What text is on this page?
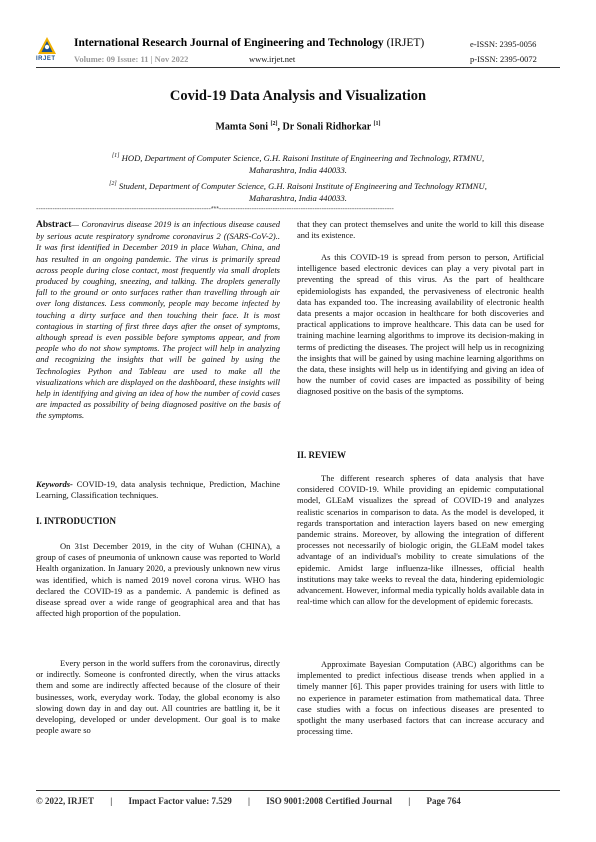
IRJET
International Research Journal of Engineering and Technology (IRJET)	e-ISSN: 2395-0056
Volume: 09 Issue: 11 | Nov 2022	www.irjet.net	p-ISSN: 2395-0072
Covid-19 Data Analysis and Visualization
Mamta Soni [2], Dr Sonali Ridhorkar [1]
[1] HOD, Department of Computer Science, G.H. Raisoni Institute of Engineering and Technology, RTMNU,
Maharashtra, India 440033.
[2] Student, Department of Computer Science, G.H. Raisoni Institute of Engineering and Technology RTMNU,
Maharashtra, India 440033.
---------------------------------------------------------------------------***---------------------------------------------------------------------------
Abstract— Coronavirus disease 2019 is an infectious disease caused by serious acute respiratory syndrome coronavirus 2 ((SARS-CoV-2).. It was first identified in December 2019 in place Wuhan, China, and has resulted in an ongoing pandemic. The virus is primarily spread across people during close contact, most frequently via small droplets produced by coughing, sneezing, and talking. The droplets generally fall to the ground or onto surfaces rather than travelling through air over long distances. Less commonly, people may become infected by touching a dirty surface and then touching their face. It is most contagious in starting of first three days after the onset of symptoms, although spread is even possible before symptoms appear, and from people who do not show symptoms. The project will help in analyzing and recognizing the insights that will be gained by using the Technologies Python and Tableau are used to make all the visualizations which are displayed on the dashboard, these insights will help in identifying and giving an idea of how the number of covid cases are impacted as possibility of being diagnosed positive on the basis of the symptoms.
Keywords- COVID-19, data analysis technique, Prediction, Machine Learning, Classification techniques.
I. INTRODUCTION

On 31st December 2019, in the city of Wuhan (CHINA), a group of cases of pneumonia of unknown cause was reported to World Health organization. In January 2020, a previously unknown new virus was identified, which is named 2019 novel corona virus. WHO has declared the COVID-19 as a pandemic. A pandemic is defined as disease spread over a wide range of geographical area and that has affected high proportion of the population.

Every person in the world suffers from the coronavirus, directly or indirectly. Someone is confronted directly, when the virus attacks them and some are indirectly affected because of the closure of their businesses, work, everyday work. Today, the global economy is also slowing down day in and day out. All countries are battling it, be it developing, developed or under development. Our goal is to make people aware so

that they can protect themselves and unite the world to kill this disease and its existence.

As this COVID-19 is spread from person to person, Artificial intelligence based electronic devices can play a very pivotal part in preventing the spread of this virus. As the part of healthcare epidemiologists has expanded, the pervasiveness of electronic health data has expanded too. The increasing availability of electronic health data presents a major occasion in healthcare for both discoveries and practical applications to improve healthcare. This data can be used for training machine learning algorithms to improve its decision-making in terms of predicting the diseases. The project will help us in recognizing the insights that will be gained by using machine learning algorithms on the data, these insights will help us in identifying and giving an idea of how the number of covid cases are impacted as possibility of being diagnosed positive on the basis of the symptoms.

II. REVIEW

The different research spheres of data analysis that have considered COVID-19. While providing an epidemic computational model, GLEaM visualizes the spread of COVID-19 and analyzes realistic scenarios in comparison to data. As the model is developed, it regards transportation and interaction layers based on new emerging pandemic strains. Moreover, by allowing the integration of different processes not necessarily of biologic origin, the GLEaM model takes advantage of an individual's mobility to create simulations of the epidemic. Amidst large influenza-like illnesses, official health institutions may take weeks to reveal the data, hindering epidemiologic advancement. However, informal media typically holds available data in real-time which can allow for the development of epidemic forecasts.

Approximate Bayesian Computation (ABC) algorithms can be implemented to predict infectious disease trends when applied in a timely manner [6]. This paper provides training for users with little to no experience in parameter estimation from mathematical data. Three case studies with a focus on infectious diseases are presented to spotlight the many userbased factors that can increase accuracy and processing time.

© 2022, IRJET | Impact Factor value: 7.529 | ISO 9001:2008 Certified Journal | Page 764
